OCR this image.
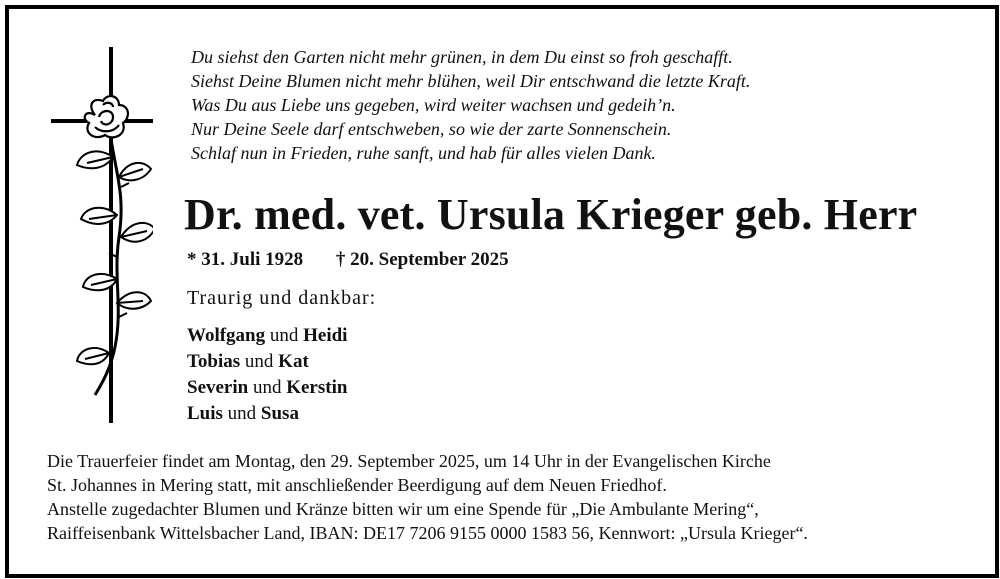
Du siehst den Garten nicht mehr grünen, in dem Du einst so froh geschafft.
Siehst Deine Blumen nicht mehr blühen, weil Dir entschwand die letzte Kraft.
Was Du aus Liebe uns gegeben, wird weiter wachsen und gedeih’n.
Nur Deine Seele darf entschweben, so wie der zarte Sonnenschein.
Schlaf nun in Frieden, ruhe sanft, und hab für alles vielen Dank.
Dr. med. vet. Ursula Krieger geb. Herr
* 31. Juli 1928 † 20. September 2025
Traurig und dankbar:
Wolfgang und Heidi
Tobias und Kat
Severin und Kerstin
Luis und Susa
Die Trauerfeier findet am Montag, den 29. September 2025, um 14 Uhr in der Evangelischen Kirche
St. Johannes in Mering statt, mit anschließender Beerdigung auf dem Neuen Friedhof.
Anstelle zugedachter Blumen und Kränze bitten wir um eine Spende für „Die Ambulante Mering“,
Raiffeisenbank Wittelsbacher Land, IBAN: DE17 7206 9155 0000 1583 56, Kennwort: „Ursula Krieger“.
